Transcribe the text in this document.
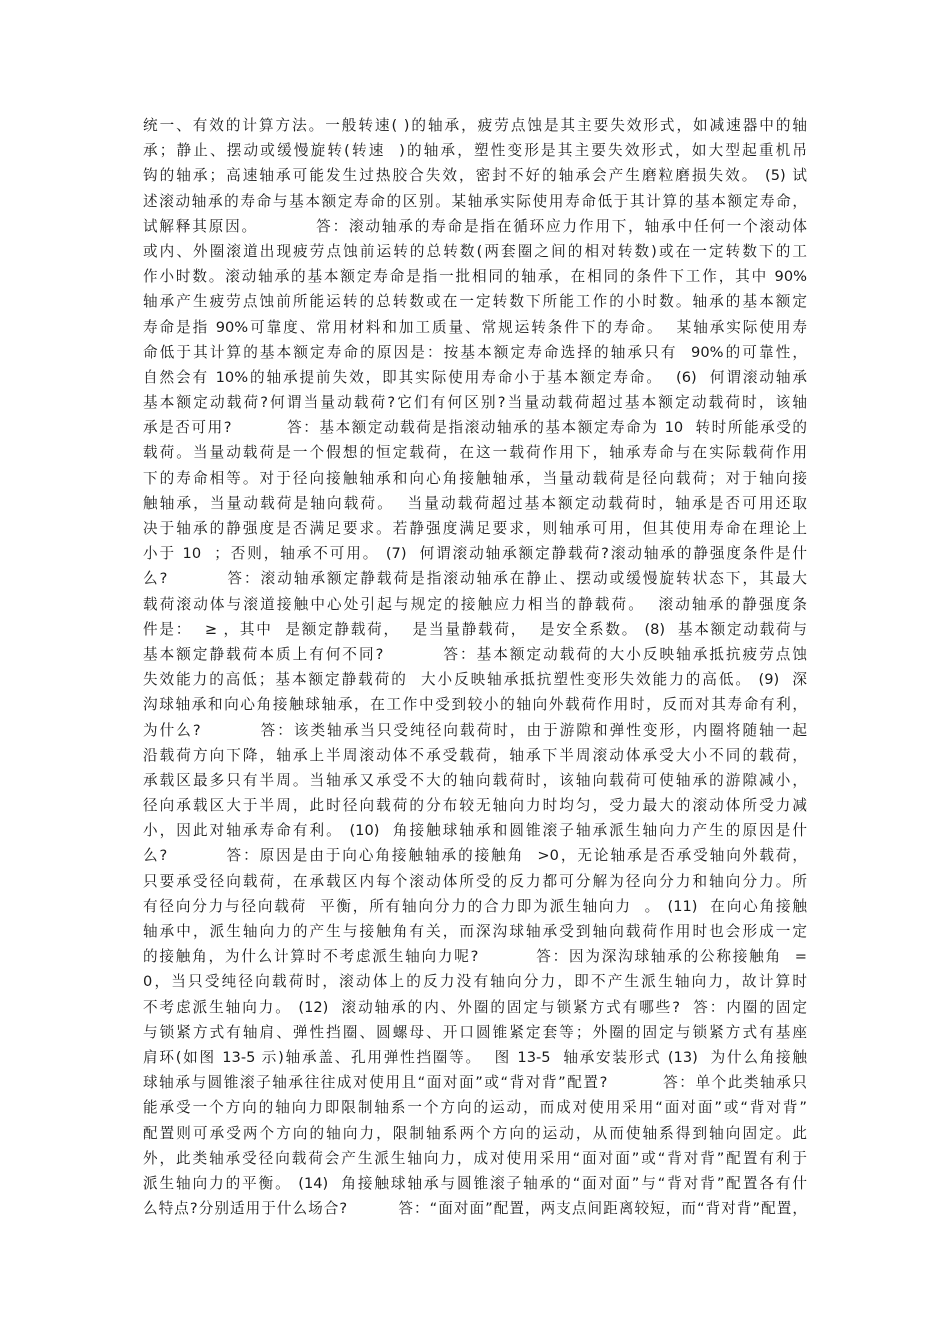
统一、有效的计算方法。一般转速( )的轴承，疲劳点蚀是其主要失效形式，如减速器中的轴
承；静止、摆动或缓慢旋转(转速  )的轴承，塑性变形是其主要失效形式，如大型起重机吊
钩的轴承；高速轴承可能发生过热胶合失效，密封不好的轴承会产生磨粒磨损失效。 (5) 试
述滚动轴承的寿命与基本额定寿命的区别。某轴承实际使用寿命低于其计算的基本额定寿命，
试解释其原因。         答：滚动轴承的寿命是指在循环应力作用下，轴承中任何一个滚动体
或内、外圈滚道出现疲劳点蚀前运转的总转数(两套圈之间的相对转数)或在一定转数下的工
作小时数。滚动轴承的基本额定寿命是指一批相同的轴承，在相同的条件下工作，其中 90%
轴承产生疲劳点蚀前所能运转的总转数或在一定转数下所能工作的小时数。轴承的基本额定
寿命是指 90%可靠度、常用材料和加工质量、常规运转条件下的寿命。  某轴承实际使用寿
命低于其计算的基本额定寿命的原因是：按基本额定寿命选择的轴承只有  90%的可靠性，
自然会有 10%的轴承提前失效，即其实际使用寿命小于基本额定寿命。  (6)  何谓滚动轴承
基本额定动载荷?何谓当量动载荷?它们有何区别?当量动载荷超过基本额定动载荷时，该轴
承是否可用?         答：基本额定动载荷是指滚动轴承的基本额定寿命为 10  转时所能承受的
载荷。当量动载荷是一个假想的恒定载荷，在这一载荷作用下，轴承寿命与在实际载荷作用
下的寿命相等。对于径向接触轴承和向心角接触轴承，当量动载荷是径向载荷；对于轴向接
触轴承，当量动载荷是轴向载荷。  当量动载荷超过基本额定动载荷时，轴承是否可用还取
决于轴承的静强度是否满足要求。若静强度满足要求，则轴承可用，但其使用寿命在理论上
小于 10  ；否则，轴承不可用。 (7)  何谓滚动轴承额定静载荷?滚动轴承的静强度条件是什
么?         答：滚动轴承额定静载荷是指滚动轴承在静止、摆动或缓慢旋转状态下，其最大
载荷滚动体与滚道接触中心处引起与规定的接触应力相当的静载荷。  滚动轴承的静强度条
件是：  ≥ ，其中  是额定静载荷，  是当量静载荷，  是安全系数。 (8)  基本额定动载荷与
基本额定静载荷本质上有何不同?         答：基本额定动载荷的大小反映轴承抵抗疲劳点蚀
失效能力的高低；基本额定静载荷的  大小反映轴承抵抗塑性变形失效能力的高低。 (9)  深
沟球轴承和向心角接触球轴承，在工作中受到较小的轴向外载荷作用时，反而对其寿命有利，
为什么?         答：该类轴承当只受纯径向载荷时，由于游隙和弹性变形，内圈将随轴一起
沿载荷方向下降，轴承上半周滚动体不承受载荷，轴承下半周滚动体承受大小不同的载荷，
承载区最多只有半周。当轴承又承受不大的轴向载荷时，该轴向载荷可使轴承的游隙减小，
径向承载区大于半周，此时径向载荷的分布较无轴向力时均匀，受力最大的滚动体所受力减
小，因此对轴承寿命有利。 (10)  角接触球轴承和圆锥滚子轴承派生轴向力产生的原因是什
么?         答：原因是由于向心角接触轴承的接触角  >0，无论轴承是否承受轴向外载荷，
只要承受径向载荷，在承载区内每个滚动体所受的反力都可分解为径向分力和轴向分力。所
有径向分力与径向载荷  平衡，所有轴向分力的合力即为派生轴向力  。 (11)  在向心角接触
轴承中，派生轴向力的产生与接触角有关，而深沟球轴承受到轴向载荷作用时也会形成一定
的接触角，为什么计算时不考虑派生轴向力呢?         答：因为深沟球轴承的公称接触角  =
0，当只受纯径向载荷时，滚动体上的反力没有轴向分力，即不产生派生轴向力，故计算时
不考虑派生轴向力。 (12)  滚动轴承的内、外圈的固定与锁紧方式有哪些?  答：内圈的固定
与锁紧方式有轴肩、弹性挡圈、圆螺母、开口圆锥紧定套等；外圈的固定与锁紧方式有基座
肩环(如图 13-5 示)轴承盖、孔用弹性挡圈等。  图 13-5  轴承安装形式 (13)  为什么角接触
球轴承与圆锥滚子轴承往往成对使用且“面对面”或“背对背”配置?         答：单个此类轴承只
能承受一个方向的轴向力即限制轴系一个方向的运动，而成对使用采用“面对面”或“背对背”
配置则可承受两个方向的轴向力，限制轴系两个方向的运动，从而使轴系得到轴向固定。此
外，此类轴承受径向载荷会产生派生轴向力，成对使用采用“面对面”或“背对背”配置有利于
派生轴向力的平衡。 (14)  角接触球轴承与圆锥滚子轴承的“面对面”与“背对背”配置各有什
么特点?分别适用于什么场合?         答：“面对面”配置，两支点间距离较短，而“背对背”配置，
